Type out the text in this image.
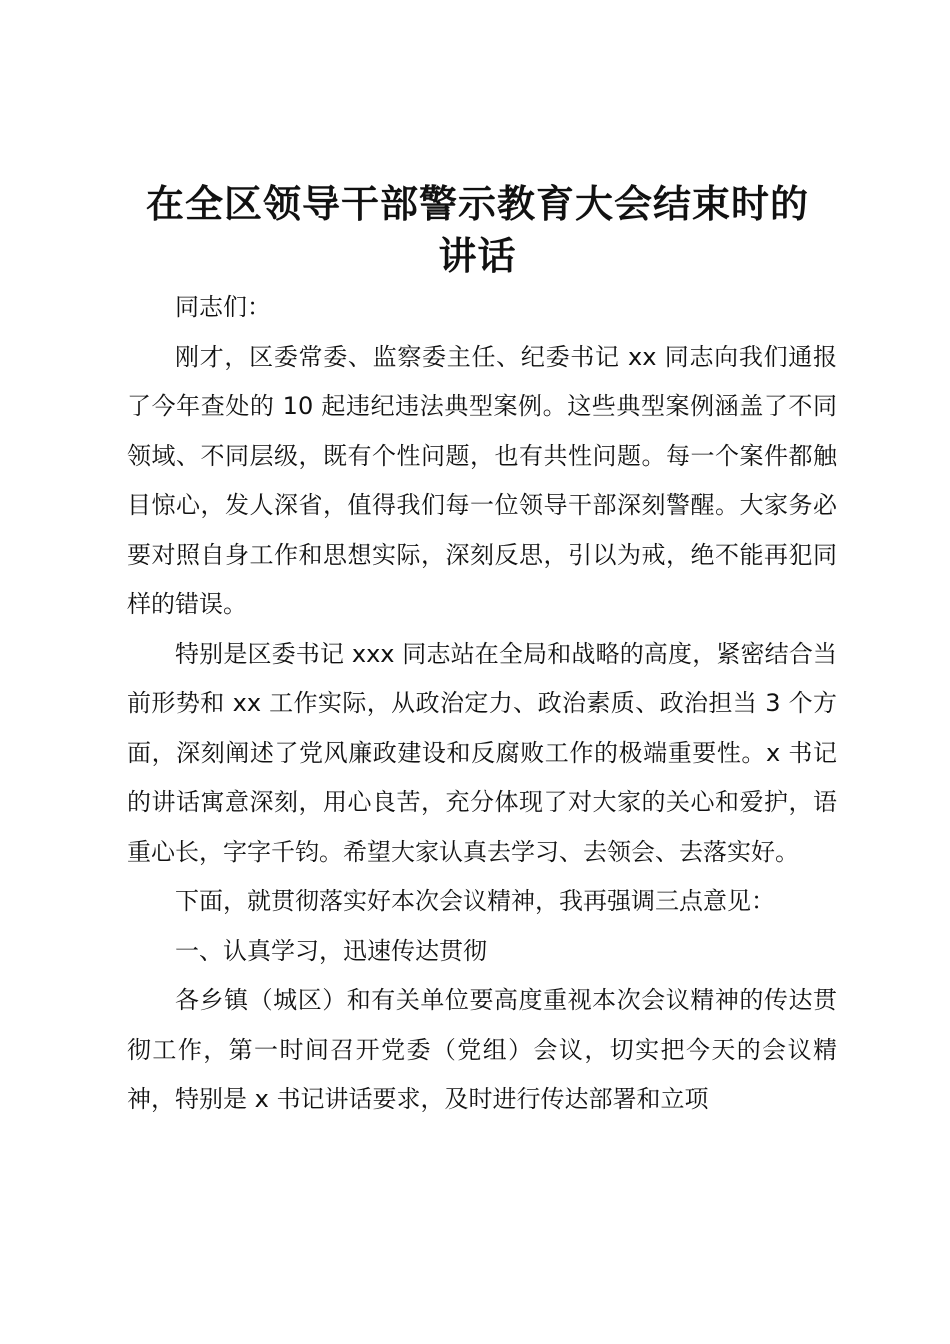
在全区领导干部警示教育大会结束时的
讲话

同志们：

刚才，区委常委、监察委主任、纪委书记 xx 同志向我们通报了今年查处的 10 起违纪违法典型案例。这些典型案例涵盖了不同领域、不同层级，既有个性问题，也有共性问题。每一个案件都触目惊心，发人深省，值得我们每一位领导干部深刻警醒。大家务必要对照自身工作和思想实际，深刻反思，引以为戒，绝不能再犯同样的错误。

特别是区委书记 xxx 同志站在全局和战略的高度，紧密结合当前形势和 xx 工作实际，从政治定力、政治素质、政治担当 3 个方面，深刻阐述了党风廉政建设和反腐败工作的极端重要性。x 书记的讲话寓意深刻，用心良苦，充分体现了对大家的关心和爱护，语重心长，字字千钧。希望大家认真去学习、去领会、去落实好。

下面，就贯彻落实好本次会议精神，我再强调三点意见：

一、认真学习，迅速传达贯彻

各乡镇（城区）和有关单位要高度重视本次会议精神的传达贯彻工作，第一时间召开党委（党组）会议，切实把今天的会议精神，特别是 x 书记讲话要求，及时进行传达部署和立项
